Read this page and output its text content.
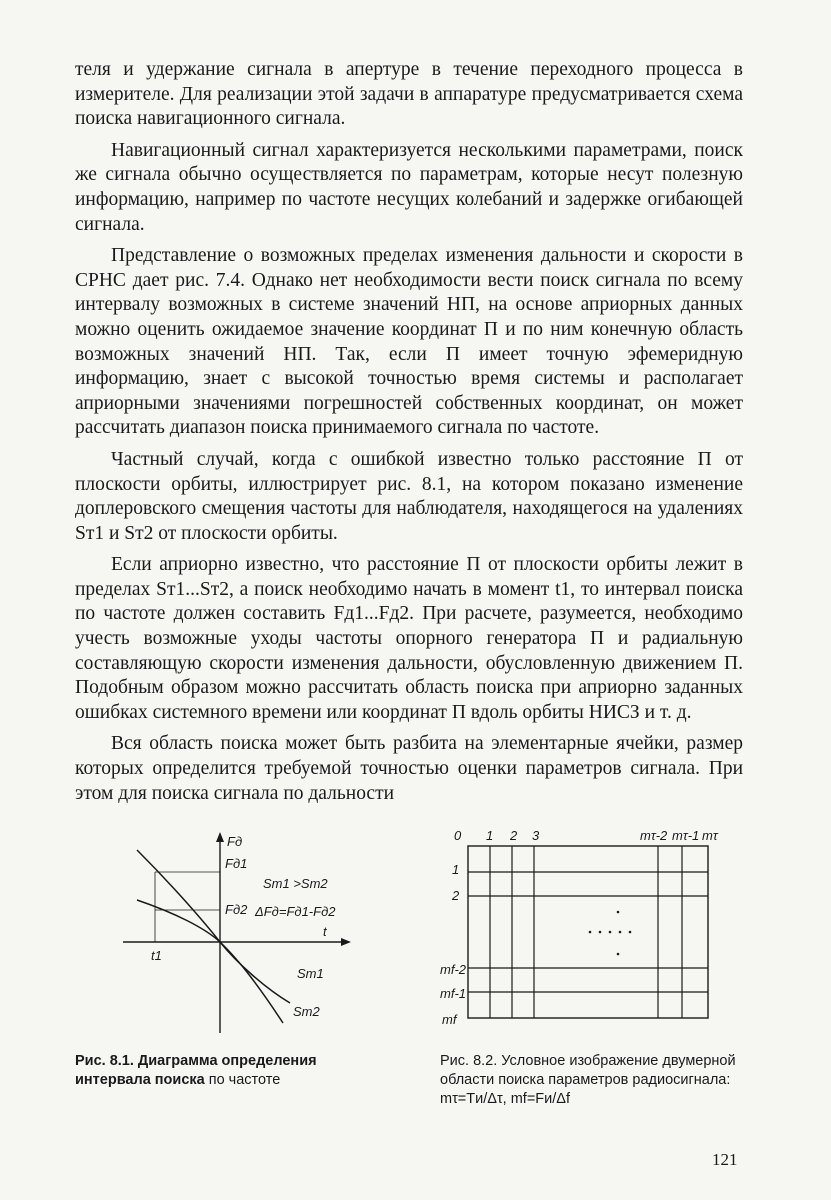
теля и удержание сигнала в апертуре в течение переходного процесса в измерителе. Для реализации этой задачи в аппаратуре предусматривается схема поиска навигационного сигнала.

Навигационный сигнал характеризуется несколькими параметрами, поиск же сигнала обычно осуществляется по параметрам, которые несут полезную информацию, например по частоте несущих колебаний и задержке огибающей сигнала.

Представление о возможных пределах изменения дальности и скорости в СРНС дает рис. 7.4. Однако нет необходимости вести поиск сигнала по всему интервалу возможных в системе значений НП, на основе априорных данных можно оценить ожидаемое значение координат П и по ним конечную область возможных значений НП. Так, если П имеет точную эфемеридную информацию, знает с высокой точностью время системы и располагает априорными значениями погрешностей собственных координат, он может рассчитать диапазон поиска принимаемого сигнала по частоте.

Частный случай, когда с ошибкой известно только расстояние П от плоскости орбиты, иллюстрирует рис. 8.1, на котором показано изменение доплеровского смещения частоты для наблюдателя, находящегося на удалениях Sт1 и Sт2 от плоскости орбиты.

Если априорно известно, что расстояние П от плоскости орбиты лежит в пределах Sт1...Sт2, а поиск необходимо начать в момент t1, то интервал поиска по частоте должен составить Fд1...Fд2. При расчете, разумеется, необходимо учесть возможные уходы частоты опорного генератора П и радиальную составляющую скорости изменения дальности, обусловленную движением П. Подобным образом можно рассчитать область поиска при априорно заданных ошибках системного времени или координат П вдоль орбиты НИСЗ и т. д.

Вся область поиска может быть разбита на элементарные ячейки, размер которых определится требуемой точностью оценки параметров сигнала. При этом для поиска сигнала по дальности

Fд
t
Fд1
Fд2
t1
Sт1 >Sт2
ΔFд=Fд1-Fд2
Sт1
Sт2
Рис. 8.1. Диаграмма определения интервала поиска по частоте
0 1 2 3	mτ-2 mτ-1 mτ
1
2
mf-2
mf-1
mf
Рис. 8.2. Условное изображение двумерной области поиска параметров радиосигнала: mτ=Tи/Δτ, mf=Fи/Δf
121
